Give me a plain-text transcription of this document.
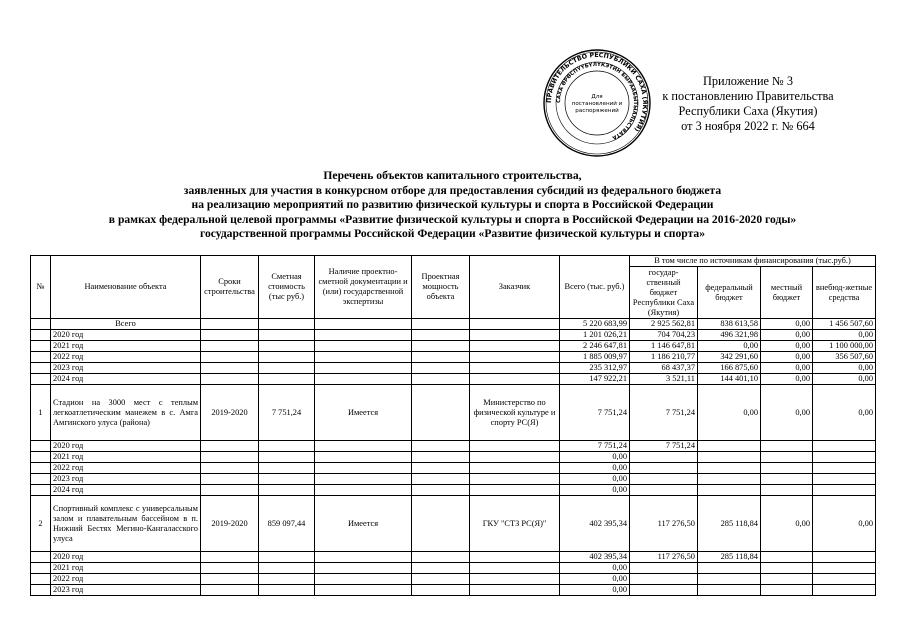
ПРАВИТЕЛЬСТВО РЕСПУБЛИКИ САХА (ЯКУТИЯ)
САХА ӨРӨСПҮҮБҮЛҮКЭТИН БЫРААБЫТЫАЛЬСТВАТА
Для
постановлений и
распоряжений
Приложение № 3
к постановлению Правительства
Республики Саха (Якутия)
от 3 ноября 2022 г. № 664
Перечень объектов капитального строительства,
заявленных для участия в конкурсном отборе для предоставления субсидий из федерального бюджета
на реализацию мероприятий по развитию физической культуры и спорта в Российской Федерации
в рамках федеральной целевой программы «Развитие физической культуры и спорта в Российской Федерации на 2016-2020 годы»
государственной программы Российской Федерации «Развитие физической культуры и спорта»
№	Наименование объекта	Сроки строительства	Сметная стоимость (тыс руб.)	Наличие проектно-сметной документации и (или) государственной экспертизы	Проектная мощность объекта	Заказчик	Всего (тыс. руб.)	В том числе по источникам финансирования (тыс.руб.)			
								государ-ственный бюджет Республики Саха (Якутия)	федеральный бюджет	местный бюджет	внебюд-жетные средства
	Всего						5 220 683,99	2 925 562,81	838 613,58	0,00	1 456 507,60
	2020 год						1 201 026,21	704 704,23	496 321,98	0,00	0,00
	2021 год						2 246 647,81	1 146 647,81	0,00	0,00	1 100 000,00
	2022 год						1 885 009,97	1 186 210,77	342 291,60	0,00	356 507,60
	2023 год						235 312,97	68 437,37	166 875,60	0,00	0,00
	2024 год						147 922,21	3 521,11	144 401,10	0,00	0,00
1	Стадион на 3000 мест с теплым легкоатлетическим манежем в с. Амга Амгинского улуса (района)	2019-2020	7 751,24	Имеется		Министерство по физической культуре и спорту РС(Я)	7 751,24	7 751,24	0,00	0,00	0,00
	2020 год						7 751,24	7 751,24			
	2021 год						0,00				
	2022 год						0,00				
	2023 год						0,00				
	2024 год						0,00				
2	Спортивный комплекс с универсальным залом и плавательным бассейном в п. Нижний Бестях Мегино-Кангаласского улуса	2019-2020	859 097,44	Имеется		ГКУ "СТЗ РС(Я)"	402 395,34	117 276,50	285 118,84	0,00	0,00
	2020 год						402 395,34	117 276,50	285 118,84		
	2021 год						0,00				
	2022 год						0,00				
	2023 год						0,00				
